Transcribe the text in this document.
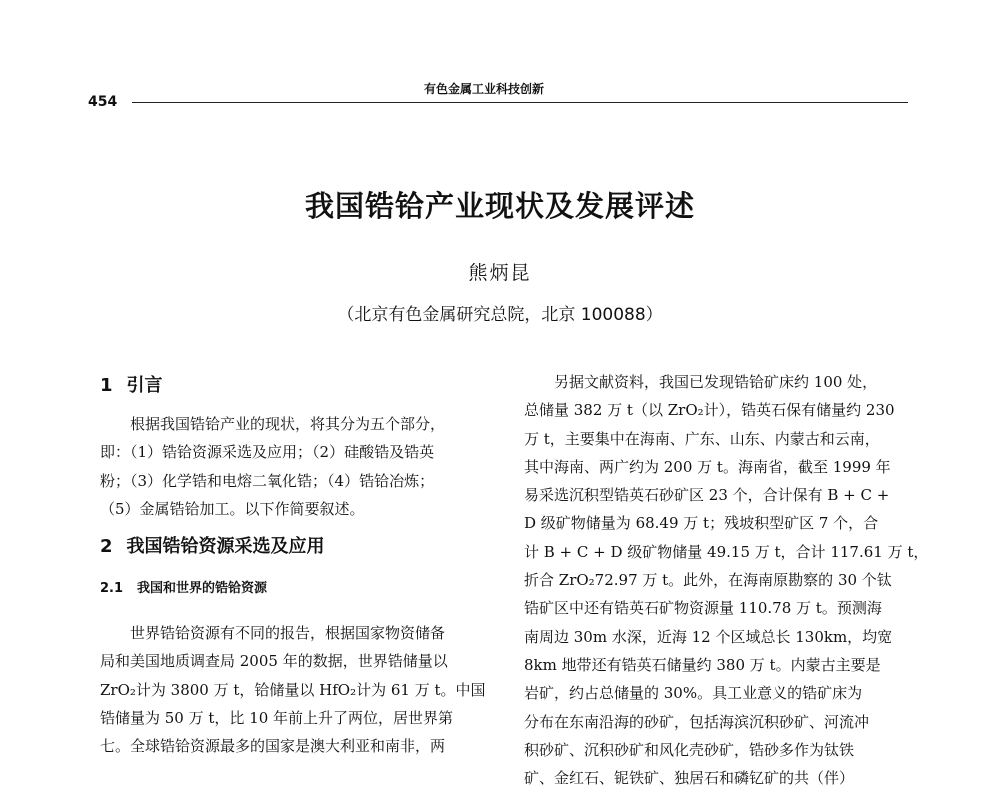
454
有色金属工业科技创新
我国锆铪产业现状及发展评述
熊炳昆
（北京有色金属研究总院，北京 100088）
1 引言
根据我国锆铪产业的现状，将其分为五个部分，
即：（1）锆铪资源采选及应用；（2）硅酸锆及锆英
粉；（3）化学锆和电熔二氧化锆；（4）锆铪冶炼；
（5）金属锆铪加工。以下作简要叙述。
2 我国锆铪资源采选及应用
2.1 我国和世界的锆铪资源
世界锆铪资源有不同的报告，根据国家物资储备
局和美国地质调查局 2005 年的数据，世界锆储量以
ZrO₂计为 3800 万 t，铪储量以 HfO₂计为 61 万 t。中国
锆储量为 50 万 t，比 10 年前上升了两位，居世界第
七。全球锆铪资源最多的国家是澳大利亚和南非，两
另据文献资料，我国已发现锆铪矿床约 100 处，
总储量 382 万 t（以 ZrO₂计），锆英石保有储量约 230
万 t，主要集中在海南、广东、山东、内蒙古和云南，
其中海南、两广约为 200 万 t。海南省，截至 1999 年
易采选沉积型锆英石砂矿区 23 个，合计保有 B + C +
D 级矿物储量为 68.49 万 t；残坡积型矿区 7 个，合
计 B + C + D 级矿物储量 49.15 万 t，合计 117.61 万 t，
折合 ZrO₂72.97 万 t。此外，在海南原勘察的 30 个钛
锆矿区中还有锆英石矿物资源量 110.78 万 t。预测海
南周边 30m 水深，近海 12 个区域总长 130km，均宽
8km 地带还有锆英石储量约 380 万 t。内蒙古主要是
岩矿，约占总储量的 30%。具工业意义的锆矿床为
分布在东南沿海的砂矿，包括海滨沉积砂矿、河流冲
积砂矿、沉积砂矿和风化壳砂矿，锆砂多作为钛铁
矿、金红石、铌铁矿、独居石和磷钇矿的共（伴）
